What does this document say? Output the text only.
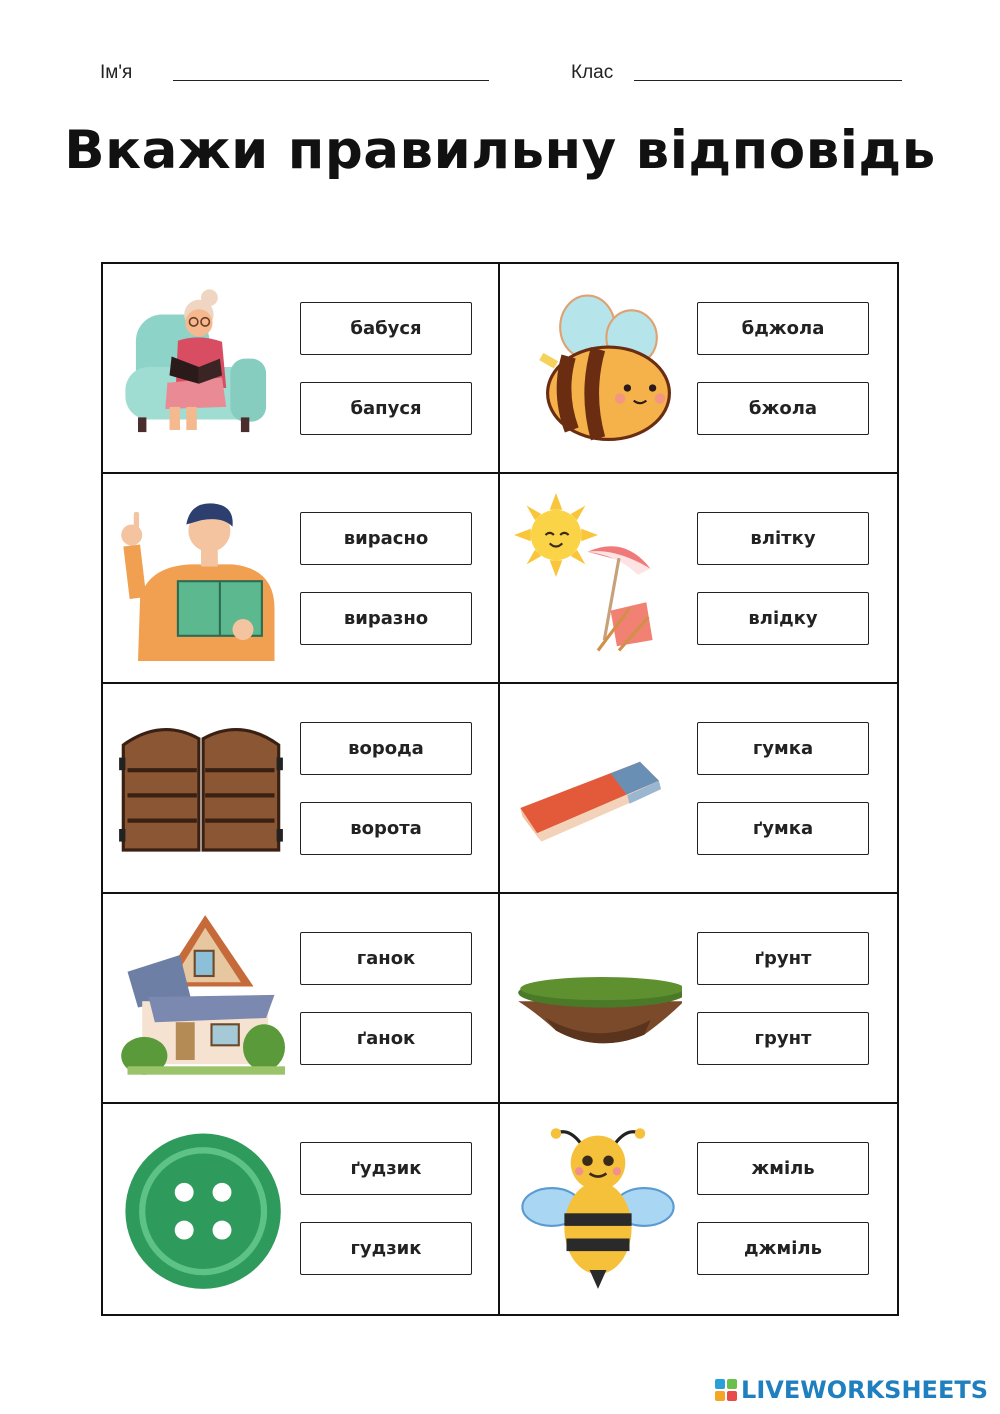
Ім'я	Клас
Вкажи правильну відповідь
бабуся
бапуся
бджола
бжола
вирасно
виразно
влітку
влідку
ворода
ворота
гумка
ґумка
ганок
ґанок
ґрунт
грунт
ґудзик
гудзик
жміль
джміль
LIVEWORKSHEETS
